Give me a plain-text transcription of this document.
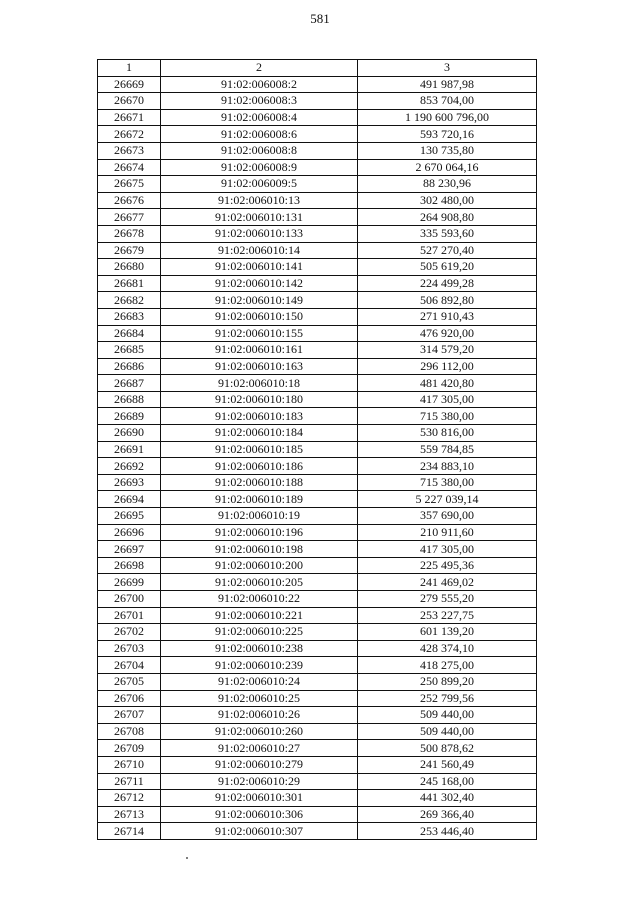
581
1	2	3
26669	91:02:006008:2	491 987,98
26670	91:02:006008:3	853 704,00
26671	91:02:006008:4	1 190 600 796,00
26672	91:02:006008:6	593 720,16
26673	91:02:006008:8	130 735,80
26674	91:02:006008:9	2 670 064,16
26675	91:02:006009:5	88 230,96
26676	91:02:006010:13	302 480,00
26677	91:02:006010:131	264 908,80
26678	91:02:006010:133	335 593,60
26679	91:02:006010:14	527 270,40
26680	91:02:006010:141	505 619,20
26681	91:02:006010:142	224 499,28
26682	91:02:006010:149	506 892,80
26683	91:02:006010:150	271 910,43
26684	91:02:006010:155	476 920,00
26685	91:02:006010:161	314 579,20
26686	91:02:006010:163	296 112,00
26687	91:02:006010:18	481 420,80
26688	91:02:006010:180	417 305,00
26689	91:02:006010:183	715 380,00
26690	91:02:006010:184	530 816,00
26691	91:02:006010:185	559 784,85
26692	91:02:006010:186	234 883,10
26693	91:02:006010:188	715 380,00
26694	91:02:006010:189	5 227 039,14
26695	91:02:006010:19	357 690,00
26696	91:02:006010:196	210 911,60
26697	91:02:006010:198	417 305,00
26698	91:02:006010:200	225 495,36
26699	91:02:006010:205	241 469,02
26700	91:02:006010:22	279 555,20
26701	91:02:006010:221	253 227,75
26702	91:02:006010:225	601 139,20
26703	91:02:006010:238	428 374,10
26704	91:02:006010:239	418 275,00
26705	91:02:006010:24	250 899,20
26706	91:02:006010:25	252 799,56
26707	91:02:006010:26	509 440,00
26708	91:02:006010:260	509 440,00
26709	91:02:006010:27	500 878,62
26710	91:02:006010:279	241 560,49
26711	91:02:006010:29	245 168,00
26712	91:02:006010:301	441 302,40
26713	91:02:006010:306	269 366,40
26714	91:02:006010:307	253 446,40
